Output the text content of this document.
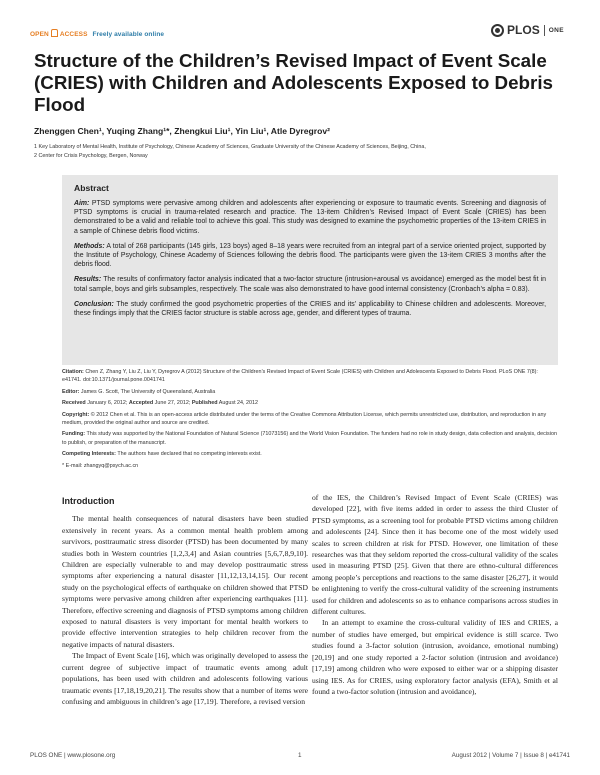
OPEN ACCESS Freely available online	PLOS ONE
Structure of the Children’s Revised Impact of Event Scale (CRIES) with Children and Adolescents Exposed to Debris Flood
Zhenggen Chen¹, Yuqing Zhang¹*, Zhengkui Liu¹, Yin Liu¹, Atle Dyregrov²
1 Key Laboratory of Mental Health, Institute of Psychology, Chinese Academy of Sciences, Graduate University of the Chinese Academy of Sciences, Beijing, China,
2 Center for Crisis Psychology, Bergen, Norway
Abstract

Aim: PTSD symptoms were pervasive among children and adolescents after experiencing or exposure to traumatic events. Screening and diagnosis of PTSD symptoms is crucial in trauma-related research and practice. The 13-item Children’s Revised Impact of Event Scale (CRIES) has been demonstrated to be a valid and reliable tool to achieve this goal. This study was designed to examine the psychometric properties of the 13-item CRIES in a sample of Chinese debris flood victims.

Methods: A total of 268 participants (145 girls, 123 boys) aged 8–18 years were recruited from an integral part of a service oriented project, supported by the Institute of Psychology, Chinese Academy of Sciences following the debris flood. The participants were given the 13-item CRIES 3 months after the debris flood.

Results: The results of confirmatory factor analysis indicated that a two-factor structure (intrusion+arousal vs avoidance) emerged as the model best fit in total sample, boys and girls subsamples, respectively. The scale was also demonstrated to have good internal consistency (Cronbach’s alpha = 0.83).

Conclusion: The study confirmed the good psychometric properties of the CRIES and its’ applicability to Chinese children and adolescents. Moreover, these findings imply that the CRIES factor structure is stable across age, gender, and different types of trauma.

Citation: Chen Z, Zhang Y, Liu Z, Liu Y, Dyregrov A (2012) Structure of the Children’s Revised Impact of Event Scale (CRIES) with Children and Adolescents Exposed to Debris Flood. PLoS ONE 7(8): e41741. doi:10.1371/journal.pone.0041741

Editor: James G. Scott, The University of Queensland, Australia

Received January 6, 2012; Accepted June 27, 2012; Published August 24, 2012

Copyright: © 2012 Chen et al. This is an open-access article distributed under the terms of the Creative Commons Attribution License, which permits unrestricted use, distribution, and reproduction in any medium, provided the original author and source are credited.

Funding: This study was supported by the National Foundation of Natural Science (71073156) and the World Vision Foundation. The funders had no role in study design, data collection and analysis, decision to publish, or preparation of the manuscript.

Competing Interests: The authors have declared that no competing interests exist.

* E-mail: zhangyq@psych.ac.cn

Introduction

The mental health consequences of natural disasters have been studied extensively in recent years. As a common mental health problem among survivors, posttraumatic stress disorder (PTSD) has been documented by many studies both in Western countries [1,2,3,4] and Asian countries [5,6,7,8,9,10]. Children are especially vulnerable to and may develop posttraumatic stress symptoms after experiencing a natural disaster [11,12,13,14,15]. Our recent study on the psychological effects of earthquake on children showed that PTSD symptoms were pervasive among children after experiencing earthquakes [11]. Therefore, effective screening and diagnosis of PTSD symptoms among children exposed to natural disasters is very important for mental health workers to provide effective intervention strategies to help children recover from the negative impacts of natural disasters.

The Impact of Event Scale [16], which was originally developed to assess the current degree of subjective impact of traumatic events among adult populations, has been used with children and adolescents following various traumatic events [17,18,19,20,21]. The results show that a number of items were confusing and ambiguous in children’s age [17,19]. Therefore, a revised version

of the IES, the Children’s Revised Impact of Event Scale (CRIES) was developed [22], with five items added in order to assess the third Cluster of PTSD symptoms, as a screening tool for probable PTSD victims among children and adolescents [24]. Since then it has become one of the most widely used scales to screen children at risk for PTSD. However, one limitation of these researches was that they seldom reported the cross-cultural validity of the scales used in measuring PTSD [25]. Given that there are ethno-cultural differences among people’s perceptions and reactions to the same disaster [26,27], it would be enlightening to verify the cross-cultural validity of the screening instruments used for children and adolescents so as to enhance comparisons across studies in different cultures.

In an attempt to examine the cross-cultural validity of IES and CRIES, a number of studies have emerged, but empirical evidence is still scarce. Two studies found a 3-factor solution (intrusion, avoidance, emotional numbing) [20,19] and one study reported a 2-factor solution (intrusion and avoidance) [17,19] among children who were exposed to either war or a shipping disaster using IES. As for CRIES, using exploratory factor analysis (EFA), Smith et al found a two-factor solution (intrusion and avoidance),

PLOS ONE | www.plosone.org	1	August 2012 | Volume 7 | Issue 8 | e41741
